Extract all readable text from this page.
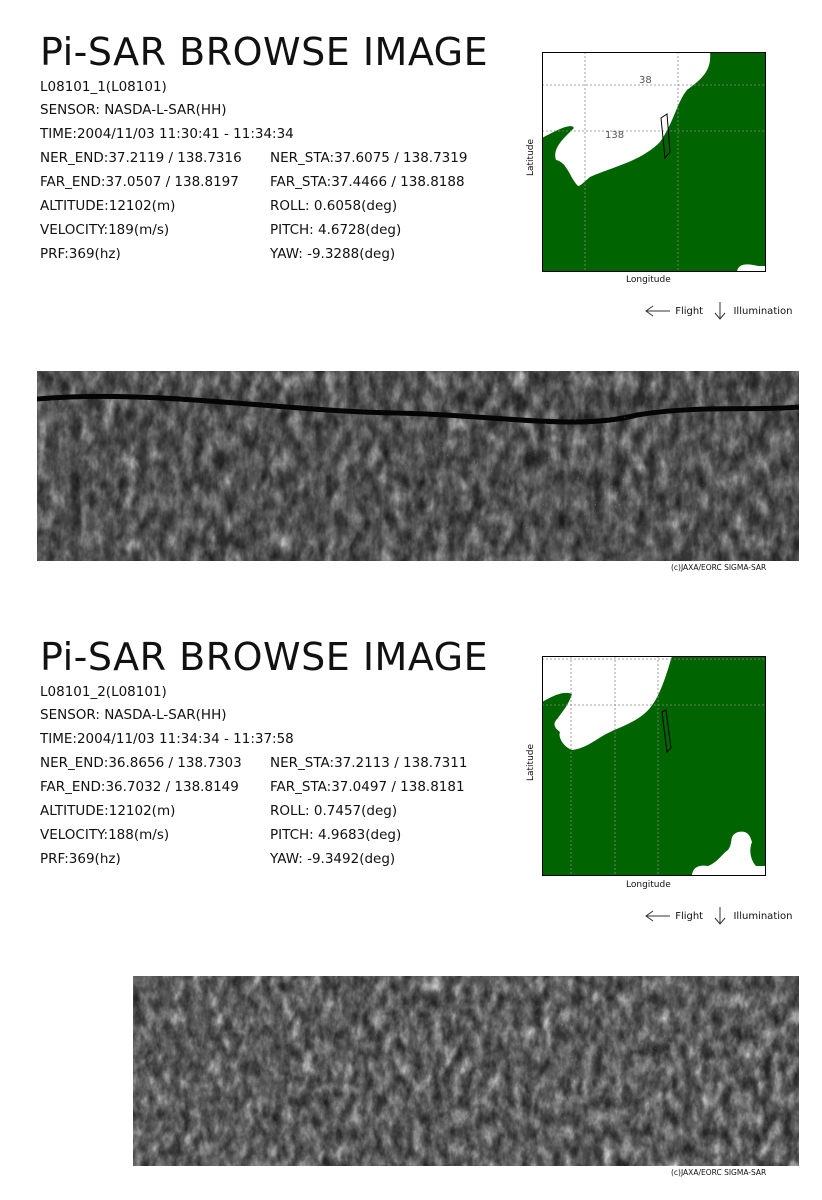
Pi-SAR BROWSE IMAGE
L08101_1(L08101)
SENSOR: NASDA-L-SAR(HH)
TIME:2004/11/03 11:30:41 - 11:34:34
NER_END:37.2119 / 138.7316 NER_STA:37.6075 / 138.7319
FAR_END:37.0507 / 138.8197 FAR_STA:37.4466 / 138.8188
ALTITUDE:12102(m)	ROLL: 0.6058(deg)
VELOCITY:189(m/s)	PITCH: 4.6728(deg)
PRF:369(hz)	YAW: -9.3288(deg)
38
138
Latitude
Longitude
Flight	Illumination
(c)JAXA/EORC SIGMA-SAR
Pi-SAR BROWSE IMAGE
L08101_2(L08101)
SENSOR: NASDA-L-SAR(HH)
TIME:2004/11/03 11:34:34 - 11:37:58
NER_END:36.8656 / 138.7303 NER_STA:37.2113 / 138.7311
FAR_END:36.7032 / 138.8149 FAR_STA:37.0497 / 138.8181
ALTITUDE:12102(m)	ROLL: 0.7457(deg)
VELOCITY:188(m/s)	PITCH: 4.9683(deg)
PRF:369(hz)	YAW: -9.3492(deg)
Latitude
Longitude
Flight	Illumination
(c)JAXA/EORC SIGMA-SAR
